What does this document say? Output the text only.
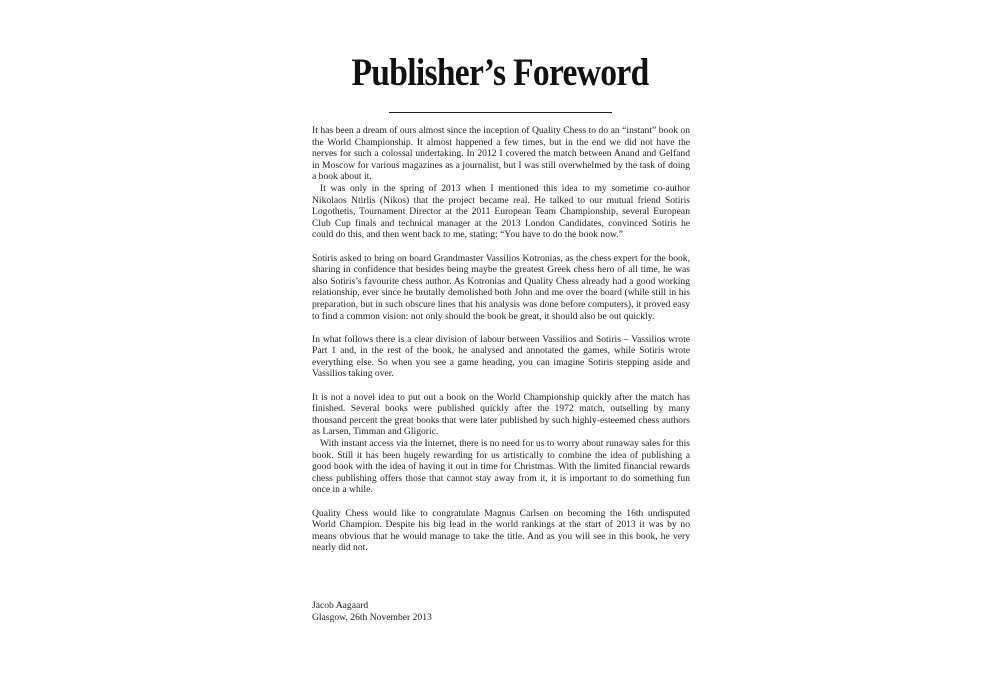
Publisher’s Foreword

It has been a dream of ours almost since the inception of Quality Chess to do an “instant” book on the World Championship. It almost happened a few times, but in the end we did not have the nerves for such a colossal undertaking. In 2012 I covered the match between Anand and Gelfand in Moscow for various magazines as a journalist, but I was still overwhelmed by the task of doing a book about it.

It was only in the spring of 2013 when I mentioned this idea to my sometime co-author Nikolaos Ntirlis (Nikos) that the project became real. He talked to our mutual friend Sotiris Logothetis, Tournament Director at the 2011 European Team Championship, several European Club Cup finals and technical manager at the 2013 London Candidates, convinced Sotiris he could do this, and then went back to me, stating: “You have to do the book now.”

Sotiris asked to bring on board Grandmaster Vassilios Kotronias, as the chess expert for the book, sharing in confidence that besides being maybe the greatest Greek chess hero of all time, he was also Sotiris’s favourite chess author. As Kotronias and Quality Chess already had a good working relationship, ever since he brutally demolished both John and me over the board (while still in his preparation, but in such obscure lines that his analysis was done before computers), it proved easy to find a common vision: not only should the book be great, it should also be out quickly.

In what follows there is a clear division of labour between Vassilios and Sotiris – Vassilios wrote Part 1 and, in the rest of the book, he analysed and annotated the games, while Sotiris wrote everything else. So when you see a game heading, you can imagine Sotiris stepping aside and Vassilios taking over.

It is not a novel idea to put out a book on the World Championship quickly after the match has finished. Several books were published quickly after the 1972 match, outselling by many thousand percent the great books that were later published by such highly-esteemed chess authors as Larsen, Timman and Gligoric.

With instant access via the Internet, there is no need for us to worry about runaway sales for this book. Still it has been hugely rewarding for us artistically to combine the idea of publishing a good book with the idea of having it out in time for Christmas. With the limited financial rewards chess publishing offers those that cannot stay away from it, it is important to do something fun once in a while.

Quality Chess would like to congratulate Magnus Carlsen on becoming the 16th undisputed World Champion. Despite his big lead in the world rankings at the start of 2013 it was by no means obvious that he would manage to take the title. And as you will see in this book, he very nearly did not.

Jacob Aagaard
Glasgow, 26th November 2013
